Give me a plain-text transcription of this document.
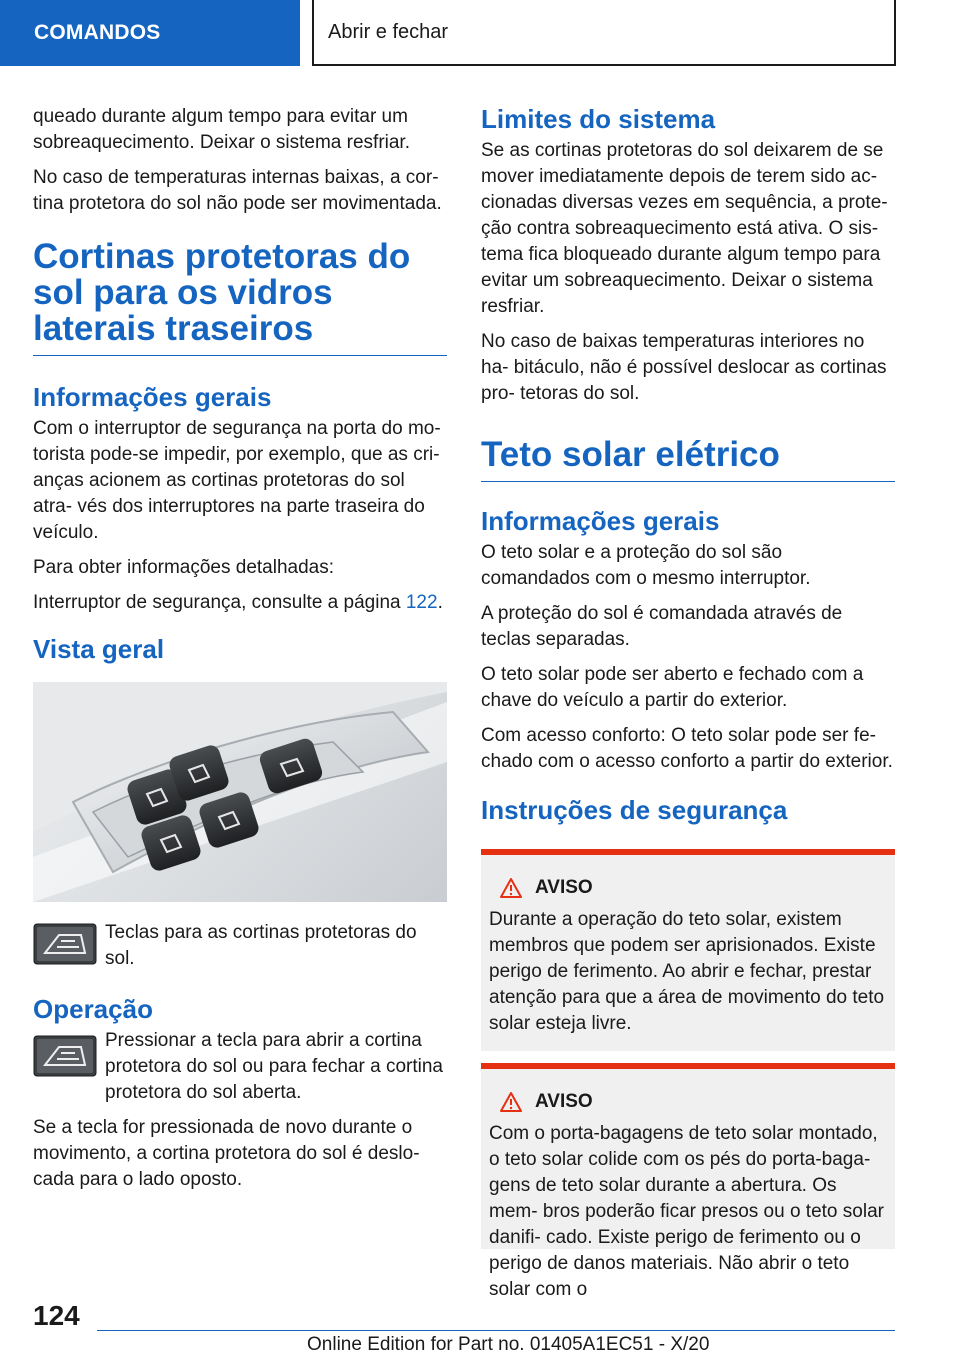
COMANDOS	Abrir e fechar

queado durante algum tempo para evitar um sobreaquecimento. Deixar o sistema resfriar.

No caso de temperaturas internas baixas, a cor- tina protetora do sol não pode ser movimentada.

Cortinas protetoras do sol para os vidros laterais traseiros
Informações gerais

Com o interruptor de segurança na porta do mo- torista pode-se impedir, por exemplo, que as cri- anças acionem as cortinas protetoras do sol atra- vés dos interruptores na parte traseira do veículo.

Para obter informações detalhadas:

Interruptor de segurança, consulte a página 122.

Vista geral

Teclas para as cortinas protetoras do sol.

Operação

Pressionar a tecla para abrir a cortina protetora do sol ou para fechar a cortina protetora do sol aberta.

Se a tecla for pressionada de novo durante o movimento, a cortina protetora do sol é deslo- cada para o lado oposto.

Limites do sistema

Se as cortinas protetoras do sol deixarem de se mover imediatamente depois de terem sido ac- cionadas diversas vezes em sequência, a prote- ção contra sobreaquecimento está ativa. O sis- tema fica bloqueado durante algum tempo para evitar um sobreaquecimento. Deixar o sistema resfriar.

No caso de baixas temperaturas interiores no ha- bitáculo, não é possível deslocar as cortinas pro- tetoras do sol.

Teto solar elétrico
Informações gerais

O teto solar e a proteção do sol são comandados com o mesmo interruptor.

A proteção do sol é comandada através de teclas separadas.

O teto solar pode ser aberto e fechado com a chave do veículo a partir do exterior.

Com acesso conforto: O teto solar pode ser fe- chado com o acesso conforto a partir do exterior.

Instruções de segurança
AVISO

Durante a operação do teto solar, existem membros que podem ser aprisionados. Existe perigo de ferimento. Ao abrir e fechar, prestar atenção para que a área de movimento do teto solar esteja livre.

AVISO

Com o porta-bagagens de teto solar montado, o teto solar colide com os pés do porta-baga- gens de teto solar durante a abertura. Os mem- bros poderão ficar presos ou o teto solar danifi- cado. Existe perigo de ferimento ou o perigo de danos materiais. Não abrir o teto solar com o

124
Online Edition for Part no. 01405A1EC51 - X/20
